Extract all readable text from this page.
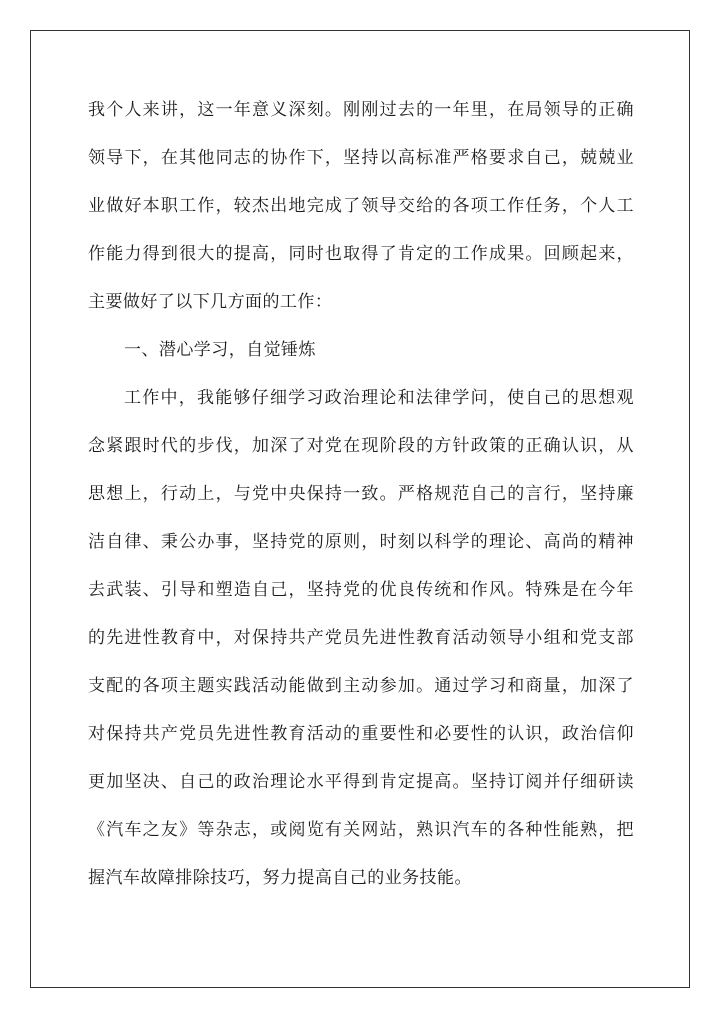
我个人来讲，这一年意义深刻。刚刚过去的一年里，在局领导的正确
领导下，在其他同志的协作下，坚持以高标准严格要求自己，兢兢业
业做好本职工作，较杰出地完成了领导交给的各项工作任务，个人工
作能力得到很大的提高，同时也取得了肯定的工作成果。回顾起来，
主要做好了以下几方面的工作：
一、潜心学习，自觉锤炼
工作中，我能够仔细学习政治理论和法律学问，使自己的思想观
念紧跟时代的步伐，加深了对党在现阶段的方针政策的正确认识，从
思想上，行动上，与党中央保持一致。严格规范自己的言行，坚持廉
洁自律、秉公办事，坚持党的原则，时刻以科学的理论、高尚的精神
去武装、引导和塑造自己，坚持党的优良传统和作风。特殊是在今年
的先进性教育中，对保持共产党员先进性教育活动领导小组和党支部
支配的各项主题实践活动能做到主动参加。通过学习和商量，加深了
对保持共产党员先进性教育活动的重要性和必要性的认识，政治信仰
更加坚决、自己的政治理论水平得到肯定提高。坚持订阅并仔细研读
《汽车之友》等杂志，或阅览有关网站，熟识汽车的各种性能熟，把
握汽车故障排除技巧，努力提高自己的业务技能。
